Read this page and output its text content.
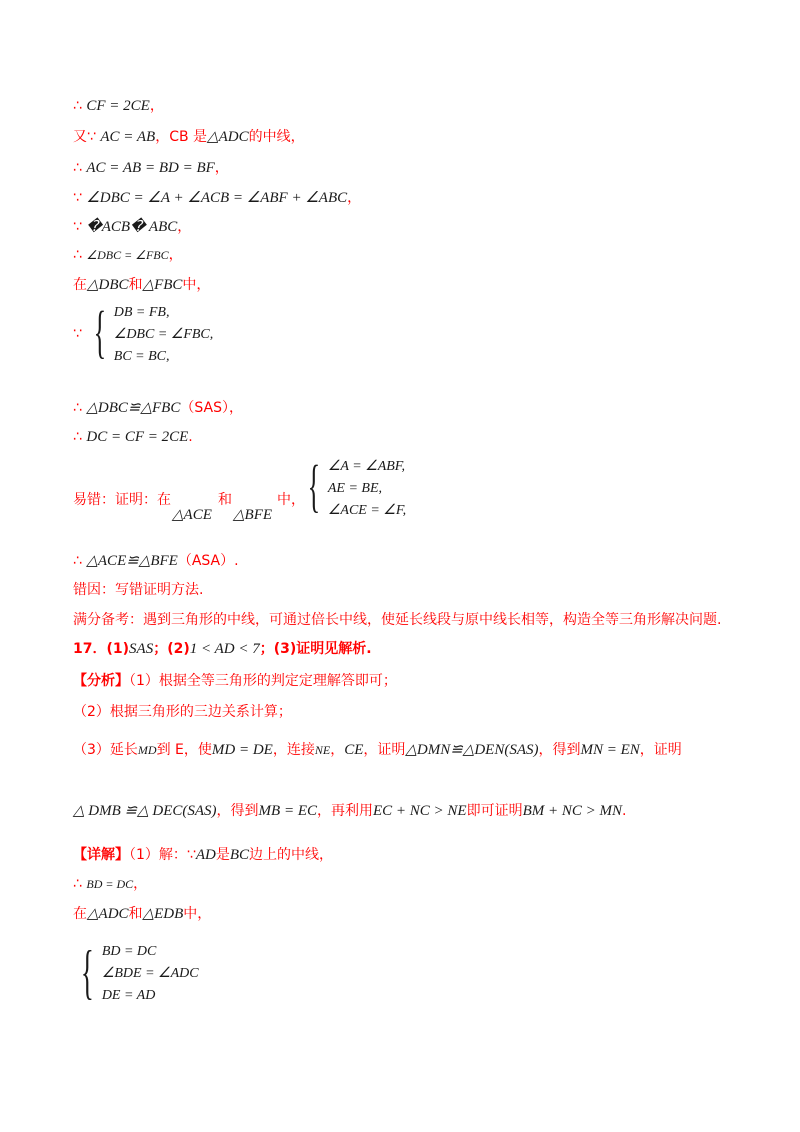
∴ CF = 2CE，
又∵ AC = AB，CB 是△ADC的中线，
∴ AC = AB = BD = BF，
∵ ∠DBC = ∠A + ∠ACB = ∠ABF + ∠ABC，
∵ �ACB� ABC，
∴ ∠DBC = ∠FBC，
在△DBC和△FBC中，
∵ { DB = FB,
∠DBC = ∠FBC,
BC = BC,
∴ △DBC≌△FBC（SAS），
∴ DC = CF = 2CE.
易错：证明：在	和	中，
△ACE △BFE { ∠A = ∠ABF,
AE = BE,
∠ACE = ∠F,
∴ △ACE≌△BFE（ASA）.
错因：写错证明方法.
满分备考：遇到三角形的中线，可通过倍长中线，使延长线段与原中线长相等，构造全等三角形解决问题.
17．(1)SAS；(2)1 < AD < 7；(3)证明见解析.
【分析】（1）根据全等三角形的判定定理解答即可；
（2）根据三角形的三边关系计算；
（3）延长MD到 E，使MD = DE，连接NE，CE，证明△DMN≌△DEN(SAS)，得到MN = EN，证明
△ DMB ≌△ DEC(SAS)，得到MB = EC，再利用EC + NC > NE即可证明BM + NC > MN.
【详解】（1）解：∵AD是BC边上的中线，
∴ BD = DC，
在△ADC和△EDB中，
{ BD = DC
∠BDE = ∠ADC
DE = AD
